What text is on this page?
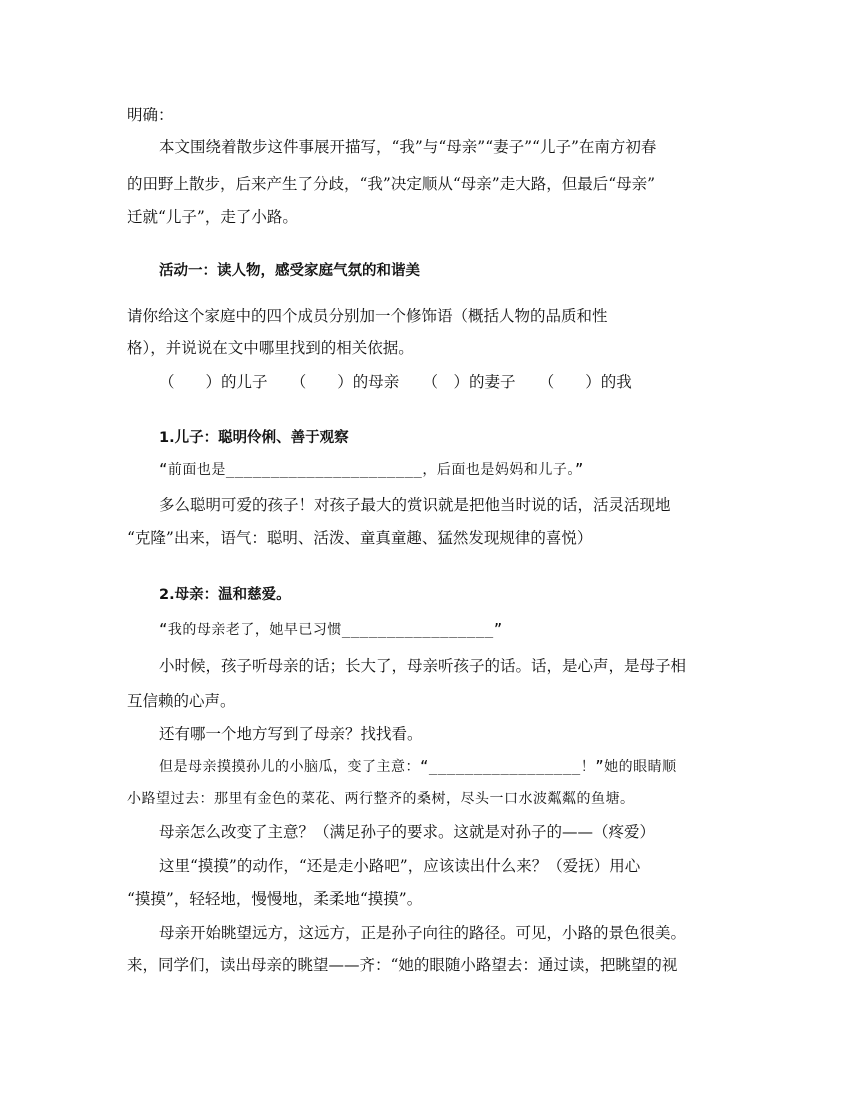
明确：
本文围绕着散步这件事展开描写，“我”与“母亲”“妻子”“儿子”在南方初春
的田野上散步，后来产生了分歧，“我”决定顺从“母亲”走大路，但最后“母亲”
迁就“儿子”，走了小路。
活动一：读人物，感受家庭气氛的和谐美
请你给这个家庭中的四个成员分别加一个修饰语（概括人物的品质和性
格），并说说在文中哪里找到的相关依据。
（　　）的儿子　　（　　）的母亲　　（　）的妻子　　（　　）的我
1.儿子：聪明伶俐、善于观察
“前面也是______________________，后面也是妈妈和儿子。”
多么聪明可爱的孩子！对孩子最大的赏识就是把他当时说的话，活灵活现地
“克隆”出来，语气：聪明、活泼、童真童趣、猛然发现规律的喜悦）
2.母亲：温和慈爱。
“我的母亲老了，她早已习惯_________________”
小时候，孩子听母亲的话；长大了，母亲听孩子的话。话，是心声，是母子相
互信赖的心声。
还有哪一个地方写到了母亲？找找看。
但是母亲摸摸孙儿的小脑瓜，变了主意：“_________________！”她的眼睛顺
小路望过去：那里有金色的菜花、两行整齐的桑树，尽头一口水波粼粼的鱼塘。
母亲怎么改变了主意？（满足孙子的要求。这就是对孙子的——（疼爱）
这里“摸摸”的动作，“还是走小路吧”，应该读出什么来？（爱抚）用心
“摸摸”，轻轻地，慢慢地，柔柔地“摸摸”。
母亲开始眺望远方，这远方，正是孙子向往的路径。可见，小路的景色很美。
来，同学们，读出母亲的眺望——齐：“她的眼随小路望去：通过读，把眺望的视
